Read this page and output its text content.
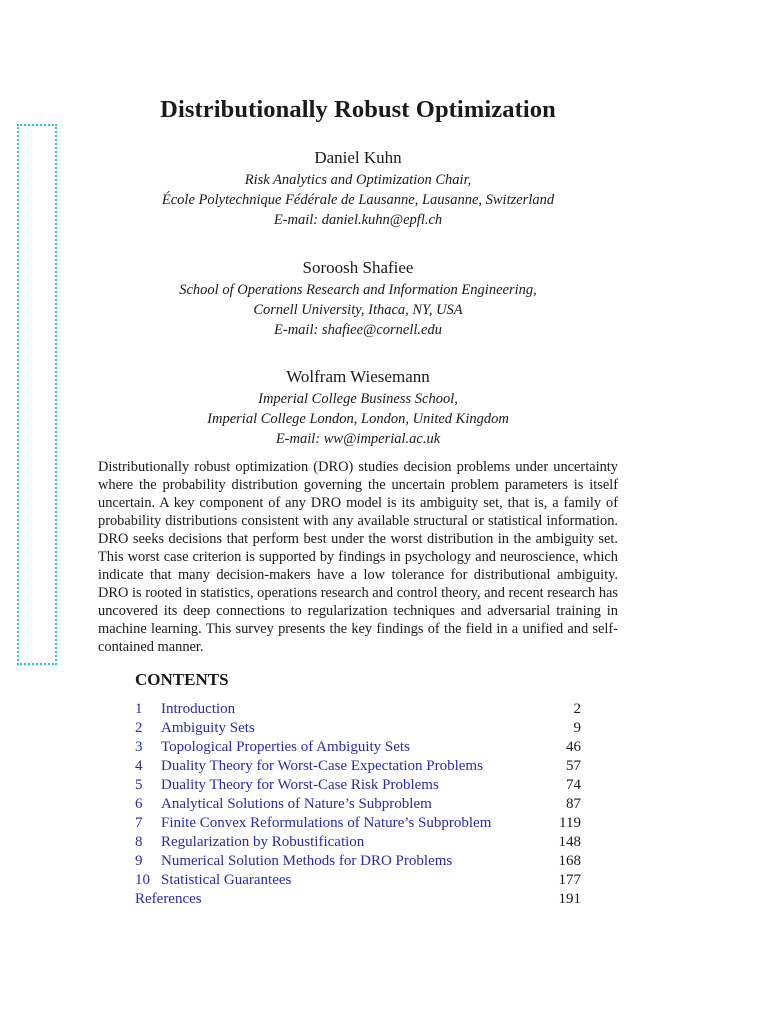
Distributionally Robust Optimization
Daniel Kuhn
Risk Analytics and Optimization Chair,
École Polytechnique Fédérale de Lausanne, Lausanne, Switzerland
E-mail: daniel.kuhn@epfl.ch
Soroosh Shafiee
School of Operations Research and Information Engineering,
Cornell University, Ithaca, NY, USA
E-mail: shafiee@cornell.edu
Wolfram Wiesemann
Imperial College Business School,
Imperial College London, London, United Kingdom
E-mail: ww@imperial.ac.uk

Distributionally robust optimization (DRO) studies decision problems under uncertainty where the probability distribution governing the uncertain problem parameters is itself uncertain. A key component of any DRO model is its ambiguity set, that is, a family of probability distributions consistent with any available structural or statistical information. DRO seeks decisions that perform best under the worst distribution in the ambiguity set. This worst case criterion is supported by findings in psychology and neuroscience, which indicate that many decision-makers have a low tolerance for distributional ambiguity. DRO is rooted in statistics, operations research and control theory, and recent research has uncovered its deep connections to regularization techniques and adversarial training in machine learning. This survey presents the key findings of the field in a unified and self-contained manner.

CONTENTS
1	Introduction	2
2	Ambiguity Sets	9
3	Topological Properties of Ambiguity Sets	46
4	Duality Theory for Worst-Case Expectation Problems	57
5	Duality Theory for Worst-Case Risk Problems	74
6	Analytical Solutions of Nature’s Subproblem	87
7	Finite Convex Reformulations of Nature’s Subproblem	119
8	Regularization by Robustification	148
9	Numerical Solution Methods for DRO Problems	168
10 Statistical Guarantees	177
References	191
